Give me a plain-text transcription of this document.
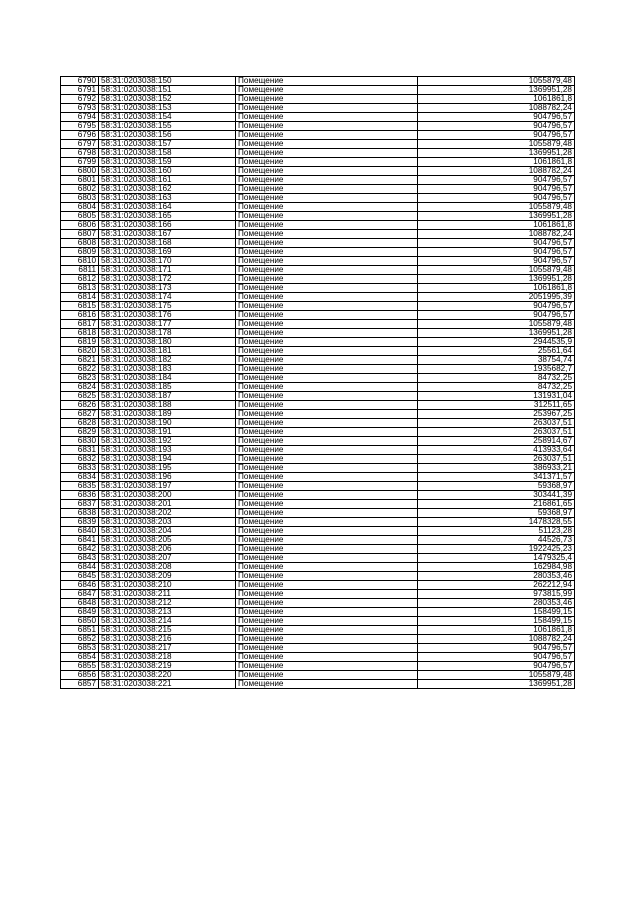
6790	58:31:0203038:150	Помещение	1055879,48
6791	58:31:0203038:151	Помещение	1369951,28
6792	58:31:0203038:152	Помещение	1061861,8
6793	58:31:0203038:153	Помещение	1088782,24
6794	58:31:0203038:154	Помещение	904796,57
6795	58:31:0203038:155	Помещение	904796,57
6796	58:31:0203038:156	Помещение	904796,57
6797	58:31:0203038:157	Помещение	1055879,48
6798	58:31:0203038:158	Помещение	1369951,28
6799	58:31:0203038:159	Помещение	1061861,8
6800	58:31:0203038:160	Помещение	1088782,24
6801	58:31:0203038:161	Помещение	904796,57
6802	58:31:0203038:162	Помещение	904796,57
6803	58:31:0203038:163	Помещение	904796,57
6804	58:31:0203038:164	Помещение	1055879,48
6805	58:31:0203038:165	Помещение	1369951,28
6806	58:31:0203038:166	Помещение	1061861,8
6807	58:31:0203038:167	Помещение	1088782,24
6808	58:31:0203038:168	Помещение	904796,57
6809	58:31:0203038:169	Помещение	904796,57
6810	58:31:0203038:170	Помещение	904796,57
6811	58:31:0203038:171	Помещение	1055879,48
6812	58:31:0203038:172	Помещение	1369951,28
6813	58:31:0203038:173	Помещение	1061861,8
6814	58:31:0203038:174	Помещение	2051995,39
6815	58:31:0203038:175	Помещение	904796,57
6816	58:31:0203038:176	Помещение	904796,57
6817	58:31:0203038:177	Помещение	1055879,48
6818	58:31:0203038:178	Помещение	1369951,28
6819	58:31:0203038:180	Помещение	2944535,9
6820	58:31:0203038:181	Помещение	25561,64
6821	58:31:0203038:182	Помещение	38754,74
6822	58:31:0203038:183	Помещение	1935682,7
6823	58:31:0203038:184	Помещение	84732,25
6824	58:31:0203038:185	Помещение	84732,25
6825	58:31:0203038:187	Помещение	131931,04
6826	58:31:0203038:188	Помещение	312511,65
6827	58:31:0203038:189	Помещение	253967,25
6828	58:31:0203038:190	Помещение	263037,51
6829	58:31:0203038:191	Помещение	263037,51
6830	58:31:0203038:192	Помещение	258914,67
6831	58:31:0203038:193	Помещение	413933,64
6832	58:31:0203038:194	Помещение	263037,51
6833	58:31:0203038:195	Помещение	386933,21
6834	58:31:0203038:196	Помещение	341371,57
6835	58:31:0203038:197	Помещение	59368,97
6836	58:31:0203038:200	Помещение	303441,39
6837	58:31:0203038:201	Помещение	216861,65
6838	58:31:0203038:202	Помещение	59368,97
6839	58:31:0203038:203	Помещение	1478328,55
6840	58:31:0203038:204	Помещение	51123,28
6841	58:31:0203038:205	Помещение	44526,73
6842	58:31:0203038:206	Помещение	1922425,23
6843	58:31:0203038:207	Помещение	1479325,4
6844	58:31:0203038:208	Помещение	162984,98
6845	58:31:0203038:209	Помещение	280353,46
6846	58:31:0203038:210	Помещение	262212,94
6847	58:31:0203038:211	Помещение	973815,99
6848	58:31:0203038:212	Помещение	280353,46
6849	58:31:0203038:213	Помещение	158499,15
6850	58:31:0203038:214	Помещение	158499,15
6851	58:31:0203038:215	Помещение	1061861,8
6852	58:31:0203038:216	Помещение	1088782,24
6853	58:31:0203038:217	Помещение	904796,57
6854	58:31:0203038:218	Помещение	904796,57
6855	58:31:0203038:219	Помещение	904796,57
6856	58:31:0203038:220	Помещение	1055879,48
6857	58:31:0203038:221	Помещение	1369951,28
